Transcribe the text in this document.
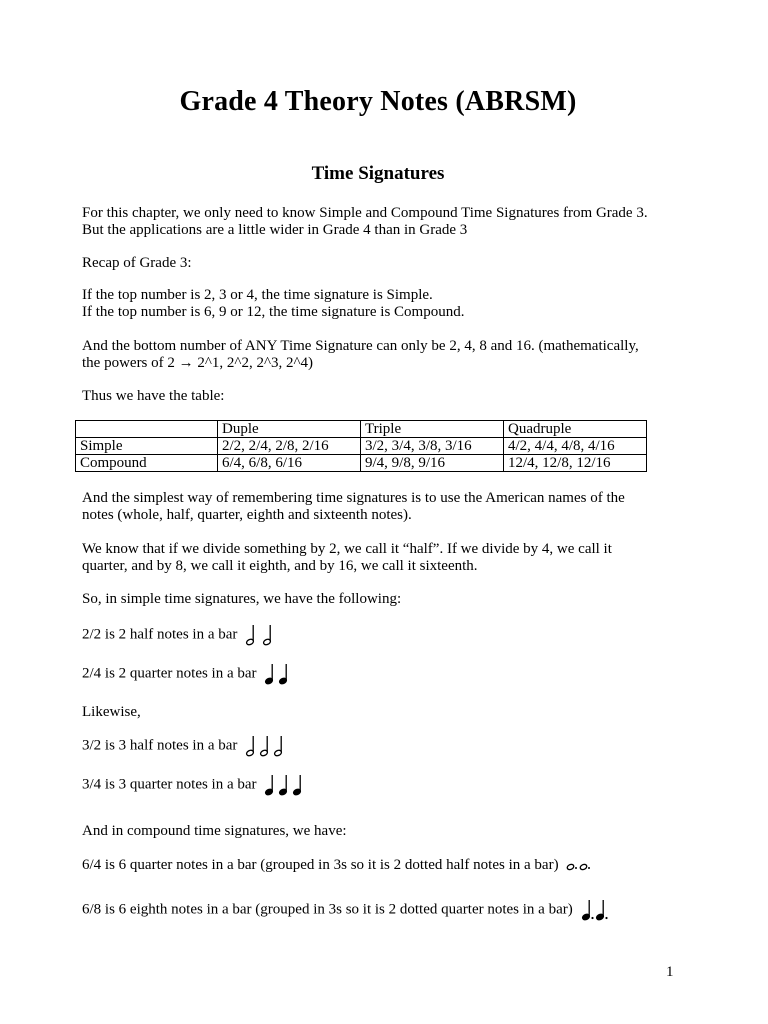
Grade 4 Theory Notes (ABRSM)
Time Signatures
For this chapter, we only need to know Simple and Compound Time Signatures from Grade 3.
But the applications are a little wider in Grade 4 than in Grade 3

Recap of Grade 3:

If the top number is 2, 3 or 4, the time signature is Simple.
If the top number is 6, 9 or 12, the time signature is Compound.
And the bottom number of ANY Time Signature can only be 2, 4, 8 and 16. (mathematically,
the powers of 2 → 2^1, 2^2, 2^3, 2^4)

Thus we have the table:

	Duple	Triple	Quadruple
Simple	2/2, 2/4, 2/8, 2/16	3/2, 3/4, 3/8, 3/16	4/2, 4/4, 4/8, 4/16
Compound	6/4, 6/8, 6/16	9/4, 9/8, 9/16	12/4, 12/8, 12/16
And the simplest way of remembering time signatures is to use the American names of the
notes (whole, half, quarter, eighth and sixteenth notes).
We know that if we divide something by 2, we call it “half”. If we divide by 4, we call it
quarter, and by 8, we call it eighth, and by 16, we call it sixteenth.

So, in simple time signatures, we have the following:

2/2 is 2 half notes in a bar
2/4 is 2 quarter notes in a bar

Likewise,

3/2 is 3 half notes in a bar
3/4 is 3 quarter notes in a bar

And in compound time signatures, we have:

6/4 is 6 quarter notes in a bar (grouped in 3s so it is 2 dotted half notes in a bar)
6/8 is 6 eighth notes in a bar (grouped in 3s so it is 2 dotted quarter notes in a bar)
1
